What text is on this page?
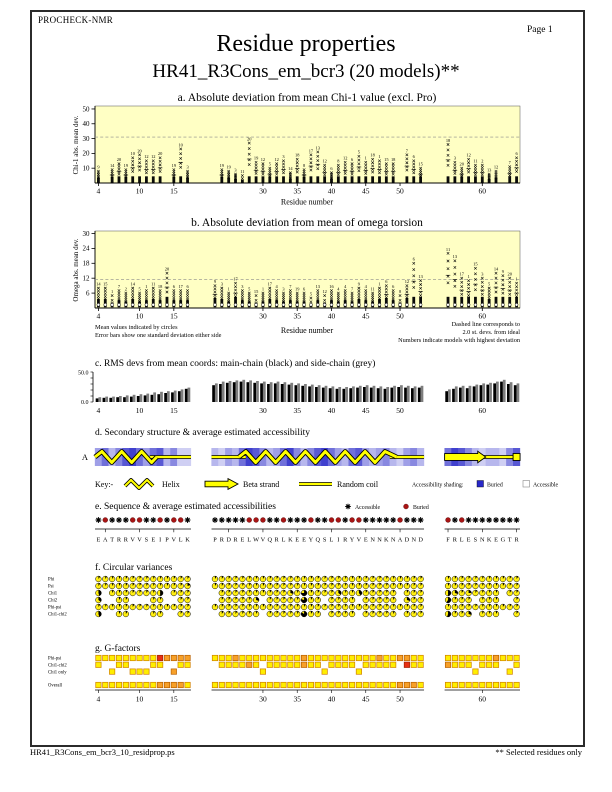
PROCHECK-NMR
Page 1
Residue properties
HR41_R3Cons_em_bcr3 (20 models)**
a. Absolute deviation from mean Chi-1 value (excl. Pro)
10
20
30
40
50
4	10	15	30	35	40	45	50	60
Chi-1 abs. mean dev.
Residue number
9 14
20
19
10
20
12 12
20
19
10
3	19 19
3 11
20
19 12
5
12
3
14
18
8
17
13
12
6
8
12 6
5
1
18 1
15 18
7
6
15
18
3
20
12
11 2
13
12
7
6
b. Absolute deviation from mean of omega torsion
6
12
18
24
30
4	10	15	30	35	40	45	50	60
Omega abs. mean dev.	14 15
1
7 2
14
5 1 11 18
20
6 17 6
9 3
1
17
3 5 15 1
17 4 3 7 19 6
5
13
12
16 4 4 7
9 4 11
1 6
6
8
12
6
13
11
13
17 1
15
3
5
14 9 20
1
Mean values indicated by circles
Error bars show one standard deviation either side
Residue number
Dashed line corresponds to
2.0 st. devs. from ideal
Numbers indicate models with highest deviation
c. RMS devs from mean coords: main-chain (black) and side-chain (grey)
50.0
0.0
4	10	15	30	35	40	45	50	60
d. Secondary structure & average estimated accessibility
A
Key:-	Helix	Beta strand	Random coil	Accessibility shading:	Buried	Accessible
e. Sequence & average estimated accessibilities	Accessible	Buried
E A T R R V V S E I P V L K	P R D R E L W V Q R L K E E Y Q S L I R Y V E N N K N A D N D	F R L E S N K E G T R
f. Circular variances
Phi
Psi
Chi1
Chi2
Phi-psi
Chi1-chi2
g. G-factors
Phi-psi
Chi1-chi2
Chi1 only
Overall
4	10	15	30	35	40	45	50	60
HR41_R3Cons_em_bcr3_10_residprop.ps	** Selected residues only
